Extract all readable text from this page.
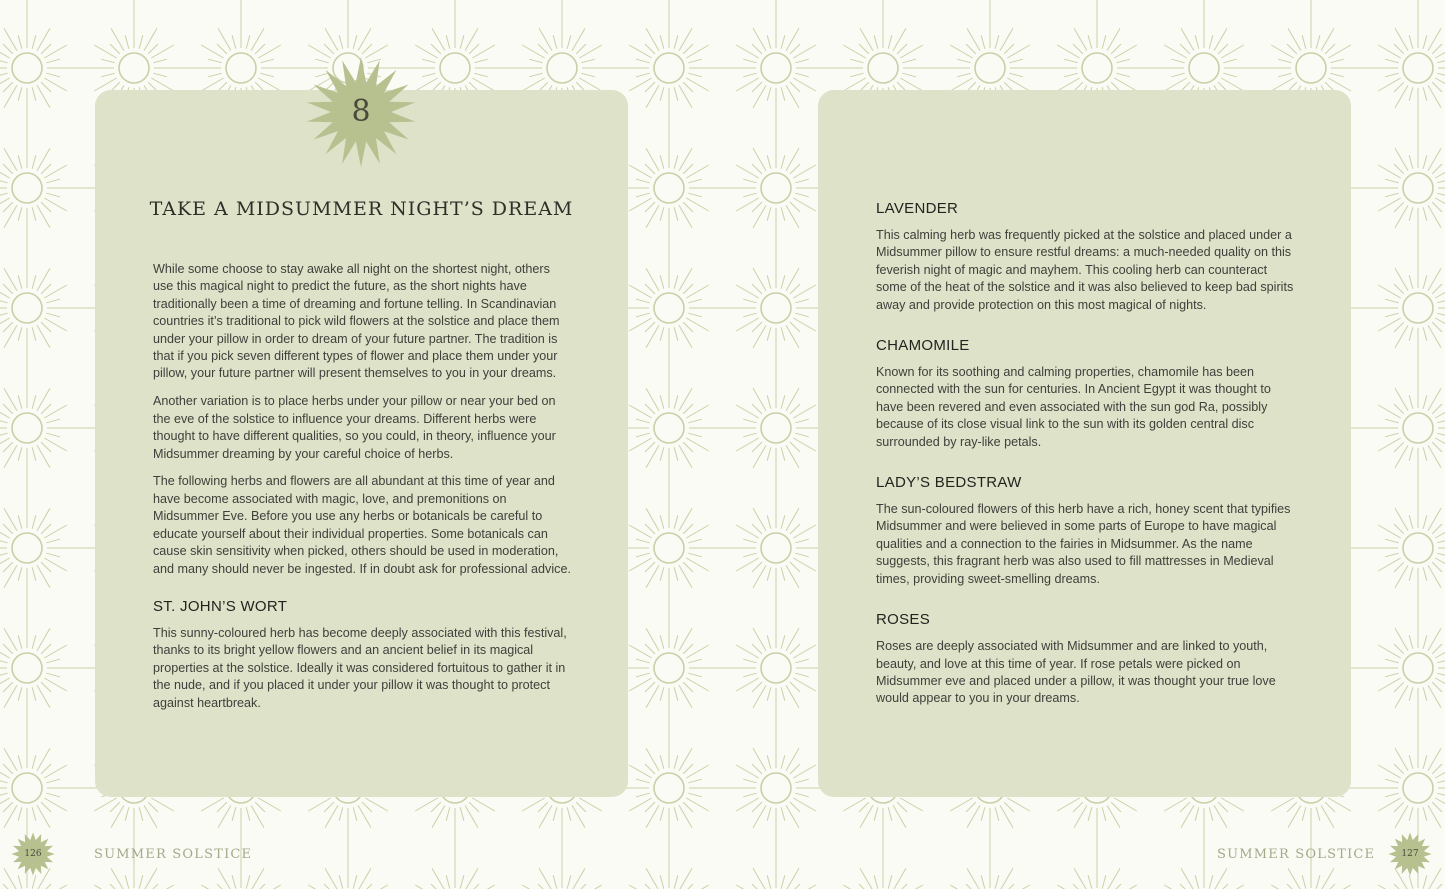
8
TAKE A MIDSUMMER NIGHT’S DREAM

While some choose to stay awake all night on the shortest night, others use this magical night to predict the future, as the short nights have traditionally been a time of dreaming and fortune telling. In Scandinavian countries it’s traditional to pick wild flowers at the solstice and place them under your pillow in order to dream of your future partner. The tradition is that if you pick seven different types of flower and place them under your pillow, your future partner will present themselves to you in your dreams.

Another variation is to place herbs under your pillow or near your bed on the eve of the solstice to influence your dreams. Different herbs were thought to have different qualities, so you could, in theory, influence your Midsummer dreaming by your careful choice of herbs.

The following herbs and flowers are all abundant at this time of year and have become associated with magic, love, and premonitions on Midsummer Eve. Before you use any herbs or botanicals be careful to educate yourself about their individual properties. Some botanicals can cause skin sensitivity when picked, others should be used in moderation, and many should never be ingested. If in doubt ask for professional advice.

ST. JOHN’S WORT

This sunny-coloured herb has become deeply associated with this festival, thanks to its bright yellow flowers and an ancient belief in its magical properties at the solstice. Ideally it was considered fortuitous to gather it in the nude, and if you placed it under your pillow it was thought to protect against heartbreak.

LAVENDER

This calming herb was frequently picked at the solstice and placed under a Midsummer pillow to ensure restful dreams: a much-needed quality on this feverish night of magic and mayhem. This cooling herb can counteract some of the heat of the solstice and it was also believed to keep bad spirits away and provide protection on this most magical of nights.

CHAMOMILE

Known for its soothing and calming properties, chamomile has been connected with the sun for centuries. In Ancient Egypt it was thought to have been revered and even associated with the sun god Ra, possibly because of its close visual link to the sun with its golden central disc surrounded by ray-like petals.

LADY’S BEDSTRAW

The sun-coloured flowers of this herb have a rich, honey scent that typifies Midsummer and were believed in some parts of Europe to have magical qualities and a connection to the fairies in Midsummer. As the name suggests, this fragrant herb was also used to fill mattresses in Medieval times, providing sweet-smelling dreams.

ROSES

Roses are deeply associated with Midsummer and are linked to youth, beauty, and love at this time of year. If rose petals were picked on Midsummer eve and placed under a pillow, it was thought your true love would appear to you in your dreams.

126	SUMMER SOLSTICE	SUMMER SOLSTICE	127
